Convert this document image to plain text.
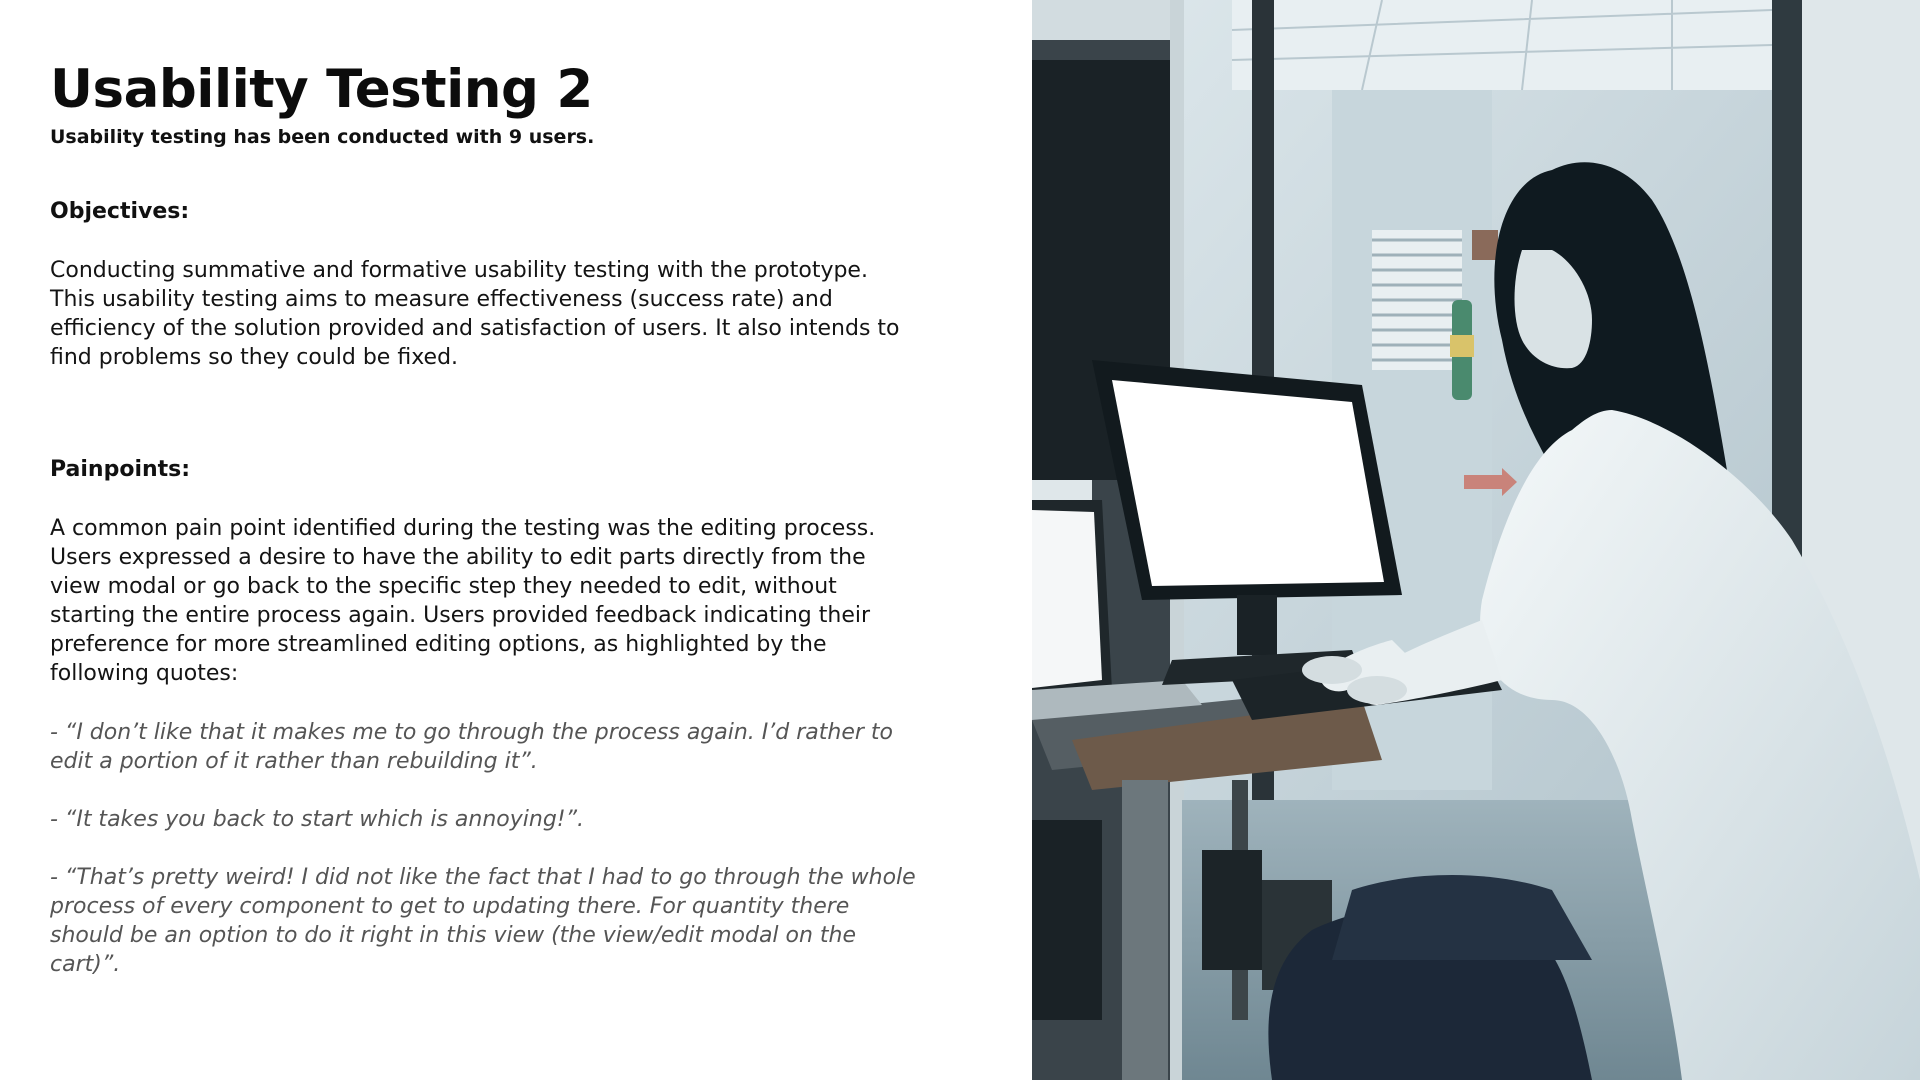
Usability Testing 2

Usability testing has been conducted with 9 users.

Objectives:

Conducting summative and formative usability testing with the prototype. This usability testing aims to measure effectiveness (success rate) and efficiency of the solution provided and satisfaction of users. It also intends to find problems so they could be fixed.

Painpoints:

A common pain point identified during the testing was the editing process. Users expressed a desire to have the ability to edit parts directly from the view modal or go back to the specific step they needed to edit, without starting the entire process again. Users provided feedback indicating their preference for more streamlined editing options, as highlighted by the following quotes:

- “I don’t like that it makes me to go through the process again. I’d rather to edit a portion of it rather than rebuilding it”.

- “It takes you back to start which is annoying!”.

- “That’s pretty weird! I did not like the fact that I had to go through the whole process of every component to get to updating there. For quantity there should be an option to do it right in this view (the view/edit modal on the cart)”.
